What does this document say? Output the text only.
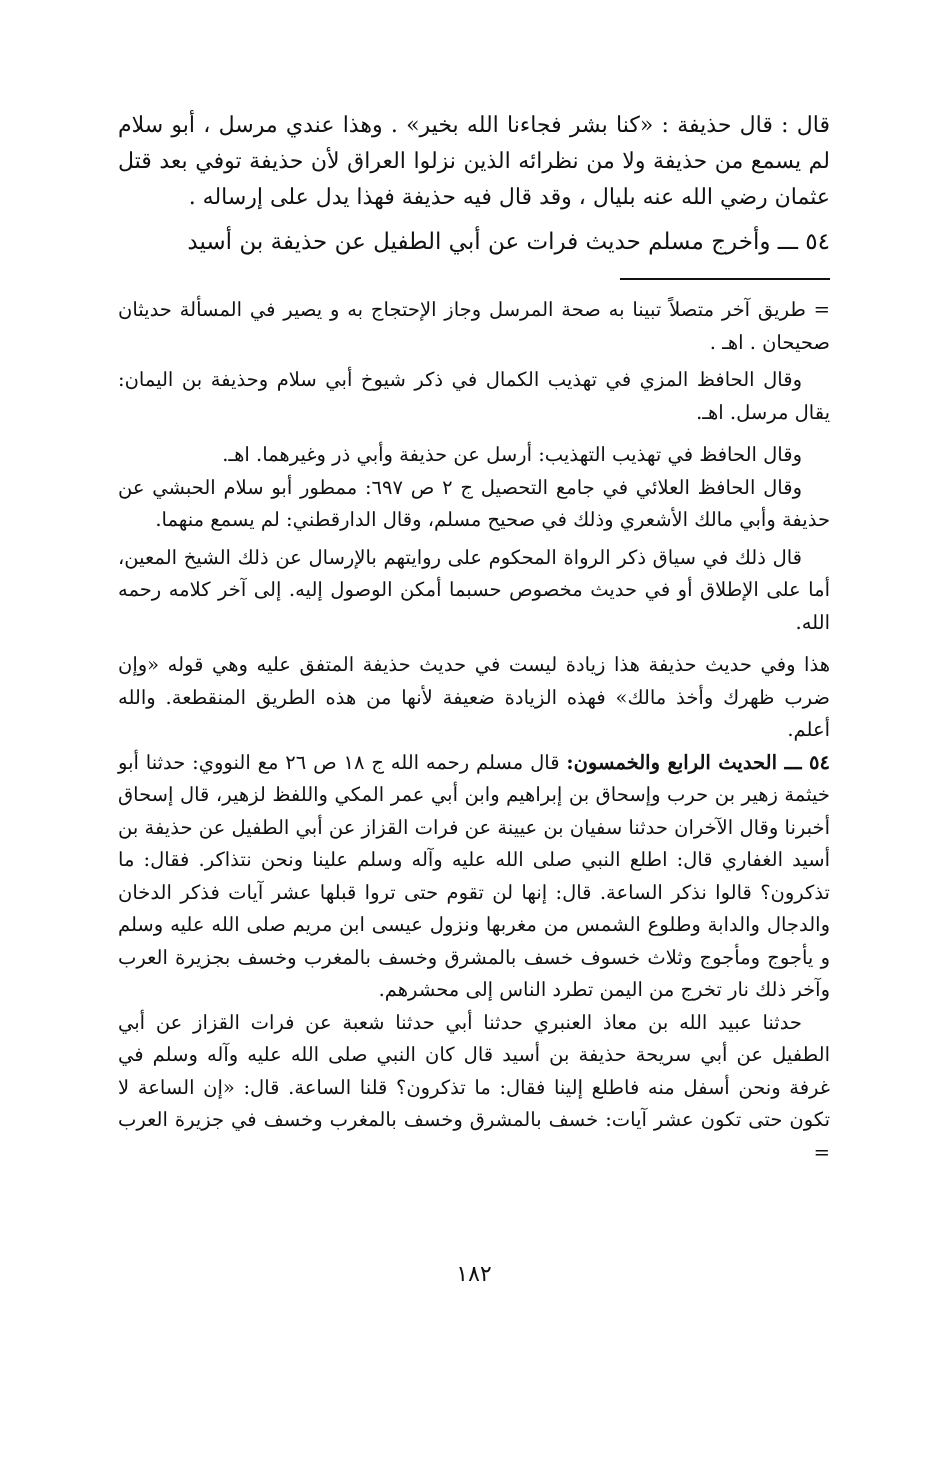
قال : قال حذيفة : «كنا بشر فجاءنا الله بخير» . وهذا عندي مرسل ، أبو سلام لم يسمع من حذيفة ولا من نظرائه الذين نزلوا العراق لأن حذيفة توفي بعد قتل عثمان رضي الله عنه بليال ، وقد قال فيه حذيفة فهذا يدل على إرساله .

٥٤ ـــ وأخرج مسلم حديث فرات عن أبي الطفيل عن حذيفة بن أسيد

= طريق آخر متصلاً تبينا به صحة المرسل وجاز الإحتجاج به و يصير في المسألة حديثان صحيحان . اهـ .

وقال الحافظ المزي في تهذيب الكمال في ذكر شيوخ أبي سلام وحذيفة بن اليمان: يقال مرسل. اهـ.

وقال الحافظ في تهذيب التهذيب: أرسل عن حذيفة وأبي ذر وغيرهما. اهـ.

وقال الحافظ العلائي في جامع التحصيل ج ٢ ص ٦٩٧: ممطور أبو سلام الحبشي عن حذيفة وأبي مالك الأشعري وذلك في صحيح مسلم، وقال الدارقطني: لم يسمع منهما.

قال ذلك في سياق ذكر الرواة المحكوم على روايتهم بالإرسال عن ذلك الشيخ المعين، أما على الإطلاق أو في حديث مخصوص حسبما أمكن الوصول إليه. إلى آخر كلامه رحمه الله.

هذا وفي حديث حذيفة هذا زيادة ليست في حديث حذيفة المتفق عليه وهي قوله «وإن ضرب ظهرك وأخذ مالك» فهذه الزيادة ضعيفة لأنها من هذه الطريق المنقطعة. والله أعلم.

٥٤ ـــ الحديث الرابع والخمسون: قال مسلم رحمه الله ج ١٨ ص ٢٦ مع النووي: حدثنا أبو خيثمة زهير بن حرب وإسحاق بن إبراهيم وابن أبي عمر المكي واللفظ لزهير، قال إسحاق أخبرنا وقال الآخران حدثنا سفيان بن عيينة عن فرات القزاز عن أبي الطفيل عن حذيفة بن أسيد الغفاري قال: اطلع النبي صلى الله عليه وآله وسلم علينا ونحن نتذاكر. فقال: ما تذكرون؟ قالوا نذكر الساعة. قال: إنها لن تقوم حتى تروا قبلها عشر آيات فذكر الدخان والدجال والدابة وطلوع الشمس من مغربها ونزول عيسى ابن مريم صلى الله عليه وسلم و يأجوج ومأجوج وثلاث خسوف خسف بالمشرق وخسف بالمغرب وخسف بجزيرة العرب وآخر ذلك نار تخرج من اليمن تطرد الناس إلى محشرهم.

حدثنا عبيد الله بن معاذ العنبري حدثنا أبي حدثنا شعبة عن فرات القزاز عن أبي الطفيل عن أبي سريحة حذيفة بن أسيد قال كان النبي صلى الله عليه وآله وسلم في غرفة ونحن أسفل منه فاطلع إلينا فقال: ما تذكرون؟ قلنا الساعة. قال: «إن الساعة لا تكون حتى تكون عشر آيات: خسف بالمشرق وخسف بالمغرب وخسف في جزيرة العرب =

١٨٢
